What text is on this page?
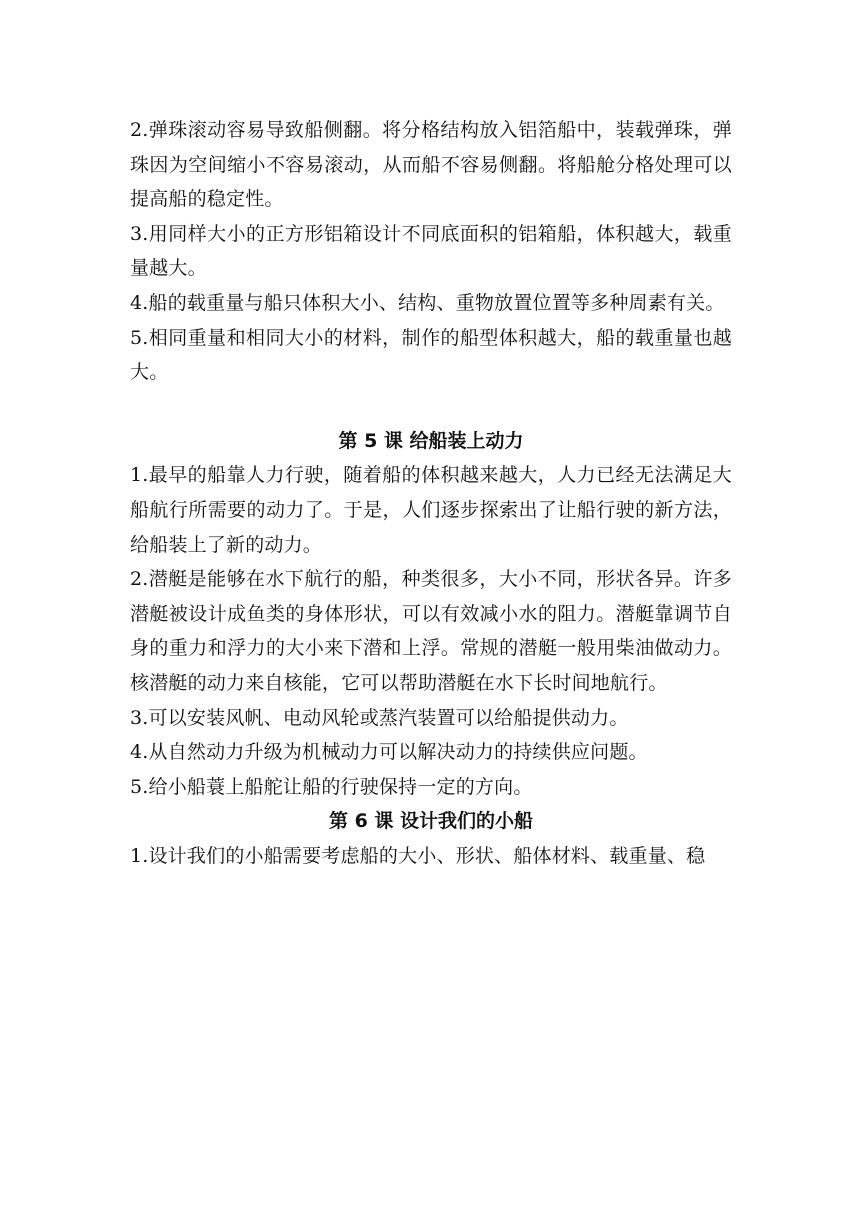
2.弹珠滚动容易导致船侧翻。将分格结构放入铝箔船中，装载弹珠，弹珠因为空间缩小不容易滚动，从而船不容易侧翻。将船舱分格处理可以提高船的稳定性。

3.用同样大小的正方形铝箱设计不同底面积的铝箱船，体积越大，载重量越大。

4.船的载重量与船只体积大小、结构、重物放置位置等多种周素有关。

5.相同重量和相同大小的材料，制作的船型体积越大，船的载重量也越大。

第 5 课 给船装上动力

1.最早的船靠人力行驶，随着船的体积越来越大，人力已经无法满足大船航行所需要的动力了。于是，人们逐步探索出了让船行驶的新方法，给船装上了新的动力。

2.潜艇是能够在水下航行的船，种类很多，大小不同，形状各异。许多潜艇被设计成鱼类的身体形状，可以有效减小水的阻力。潜艇靠调节自身的重力和浮力的大小来下潜和上浮。常规的潜艇一般用柴油做动力。核潜艇的动力来自核能，它可以帮助潜艇在水下长时间地航行。

3.可以安装风帆、电动风轮或蒸汽装置可以给船提供动力。

4.从自然动力升级为机械动力可以解决动力的持续供应问题。

5.给小船蓑上船舵让船的行驶保持一定的方向。

第 6 课 设计我们的小船

1.设计我们的小船需要考虑船的大小、形状、船体材料、载重量、稳
